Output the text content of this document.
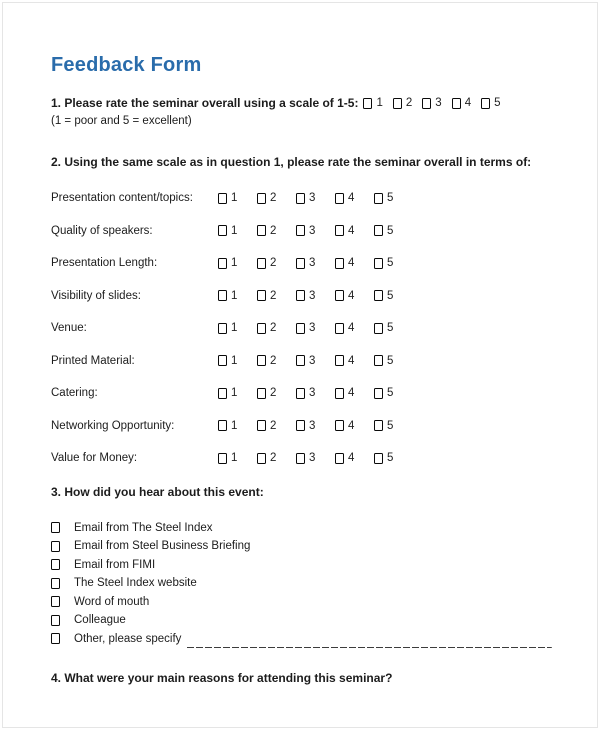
Feedback Form
1. Please rate the seminar overall using a scale of 1-5: 1 2 3 4 5
(1 = poor and 5 = excellent)
2. Using the same scale as in question 1, please rate the seminar overall in terms of:
Presentation content/topics:	1	2	3	4	5
Quality of speakers:	1	2	3	4	5
Presentation Length:	1	2	3	4	5
Visibility of slides:	1	2	3	4	5
Venue:	1	2	3	4	5
Printed Material:	1	2	3	4	5
Catering:	1	2	3	4	5
Networking Opportunity:	1	2	3	4	5
Value for Money:	1	2	3	4	5
3. How did you hear about this event:
Email from The Steel Index
Email from Steel Business Briefing
Email from FIMI
The Steel Index website
Word of mouth
Colleague
Other, please specify
4. What were your main reasons for attending this seminar?
